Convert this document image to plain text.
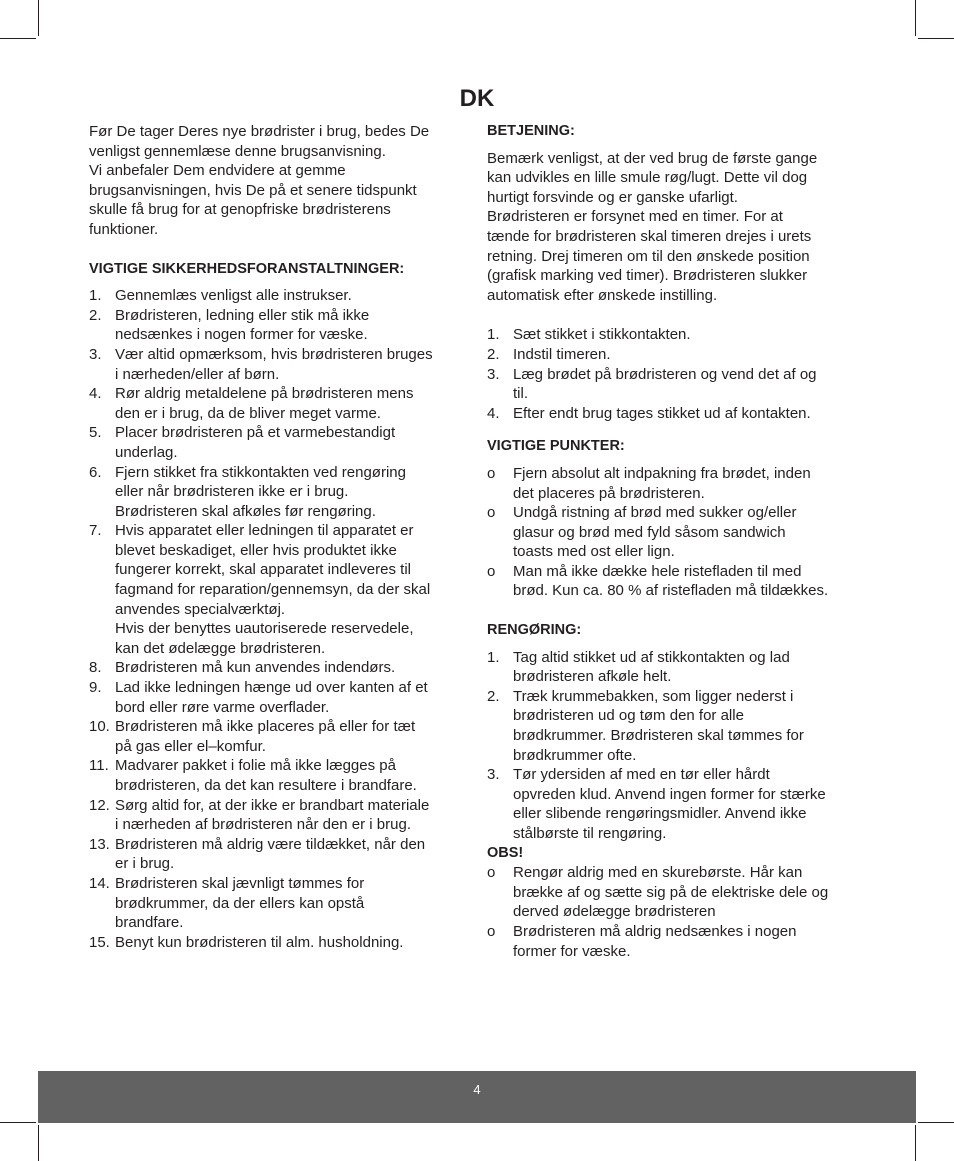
DK

Før De tager Deres nye brødrister i brug, bedes De
venligst gennemlæse denne brugsanvisning.
Vi anbefaler Dem endvidere at gemme
brugsanvisningen, hvis De på et senere tidspunkt
skulle få brug for at genopfriske brødristerens
funktioner.

VIGTIGE SIKKERHEDSFORANSTALTNINGER:

1. Gennemlæs venligst alle instrukser.
2. Brødristeren, ledning eller stik må ikke
nedsænkes i nogen former for væske.
3. Vær altid opmærksom, hvis brødristeren bruges
i nærheden/eller af børn.
4. Rør aldrig metaldelene på brødristeren mens
den er i brug, da de bliver meget varme.
5. Placer brødristeren på et varmebestandigt
underlag.
6. Fjern stikket fra stikkontakten ved rengøring
eller når brødristeren ikke er i brug.
Brødristeren skal afkøles før rengøring.
7. Hvis apparatet eller ledningen til apparatet er
blevet beskadiget, eller hvis produktet ikke
fungerer korrekt, skal apparatet indleveres til
fagmand for reparation/gennemsyn, da der skal
anvendes specialværktøj.
Hvis der benyttes uautoriserede reservedele,
kan det ødelægge brødristeren.
8. Brødristeren må kun anvendes indendørs.
9. Lad ikke ledningen hænge ud over kanten af et
bord eller røre varme overflader.
10. Brødristeren må ikke placeres på eller for tæt
på gas eller el–komfur.
11. Madvarer pakket i folie må ikke lægges på
brødristeren, da det kan resultere i brandfare.
12. Sørg altid for, at der ikke er brandbart materiale
i nærheden af brødristeren når den er i brug.
13. Brødristeren må aldrig være tildækket, når den
er i brug.
14. Brødristeren skal jævnligt tømmes for
brødkrummer, da der ellers kan opstå
brandfare.
15. Benyt kun brødristeren til alm. husholdning.

BETJENING:

Bemærk venligst, at der ved brug de første gange
kan udvikles en lille smule røg/lugt. Dette vil dog
hurtigt forsvinde og er ganske ufarligt.
Brødristeren er forsynet med en timer. For at
tænde for brødristeren skal timeren drejes i urets
retning. Drej timeren om til den ønskede position
(grafisk marking ved timer). Brødristeren slukker
automatisk efter ønskede instilling.

1. Sæt stikket i stikkontakten.
2. Indstil timeren.
3. Læg brødet på brødristeren og vend det af og
til.
4. Efter endt brug tages stikket ud af kontakten.

VIGTIGE PUNKTER:

o	Fjern absolut alt indpakning fra brødet, inden
det placeres på brødristeren.
o	Undgå ristning af brød med sukker og/eller
glasur og brød med fyld såsom sandwich
toasts med ost eller lign.
o	Man må ikke dække hele ristefladen til med
brød. Kun ca. 80 % af ristefladen må tildækkes.

RENGØRING:

1. Tag altid stikket ud af stikkontakten og lad
brødristeren afkøle helt.
2. Træk krummebakken, som ligger nederst i
brødristeren ud og tøm den for alle
brødkrummer. Brødristeren skal tømmes for
brødkrummer ofte.
3. Tør ydersiden af med en tør eller hårdt
opvreden klud. Anvend ingen former for stærke
eller slibende rengøringsmidler. Anvend ikke
stålbørste til rengøring.

OBS!

o	Rengør aldrig med en skurebørste. Hår kan
brække af og sætte sig på de elektriske dele og
derved ødelægge brødristeren
o	Brødristeren må aldrig nedsænkes i nogen
former for væske.
4
